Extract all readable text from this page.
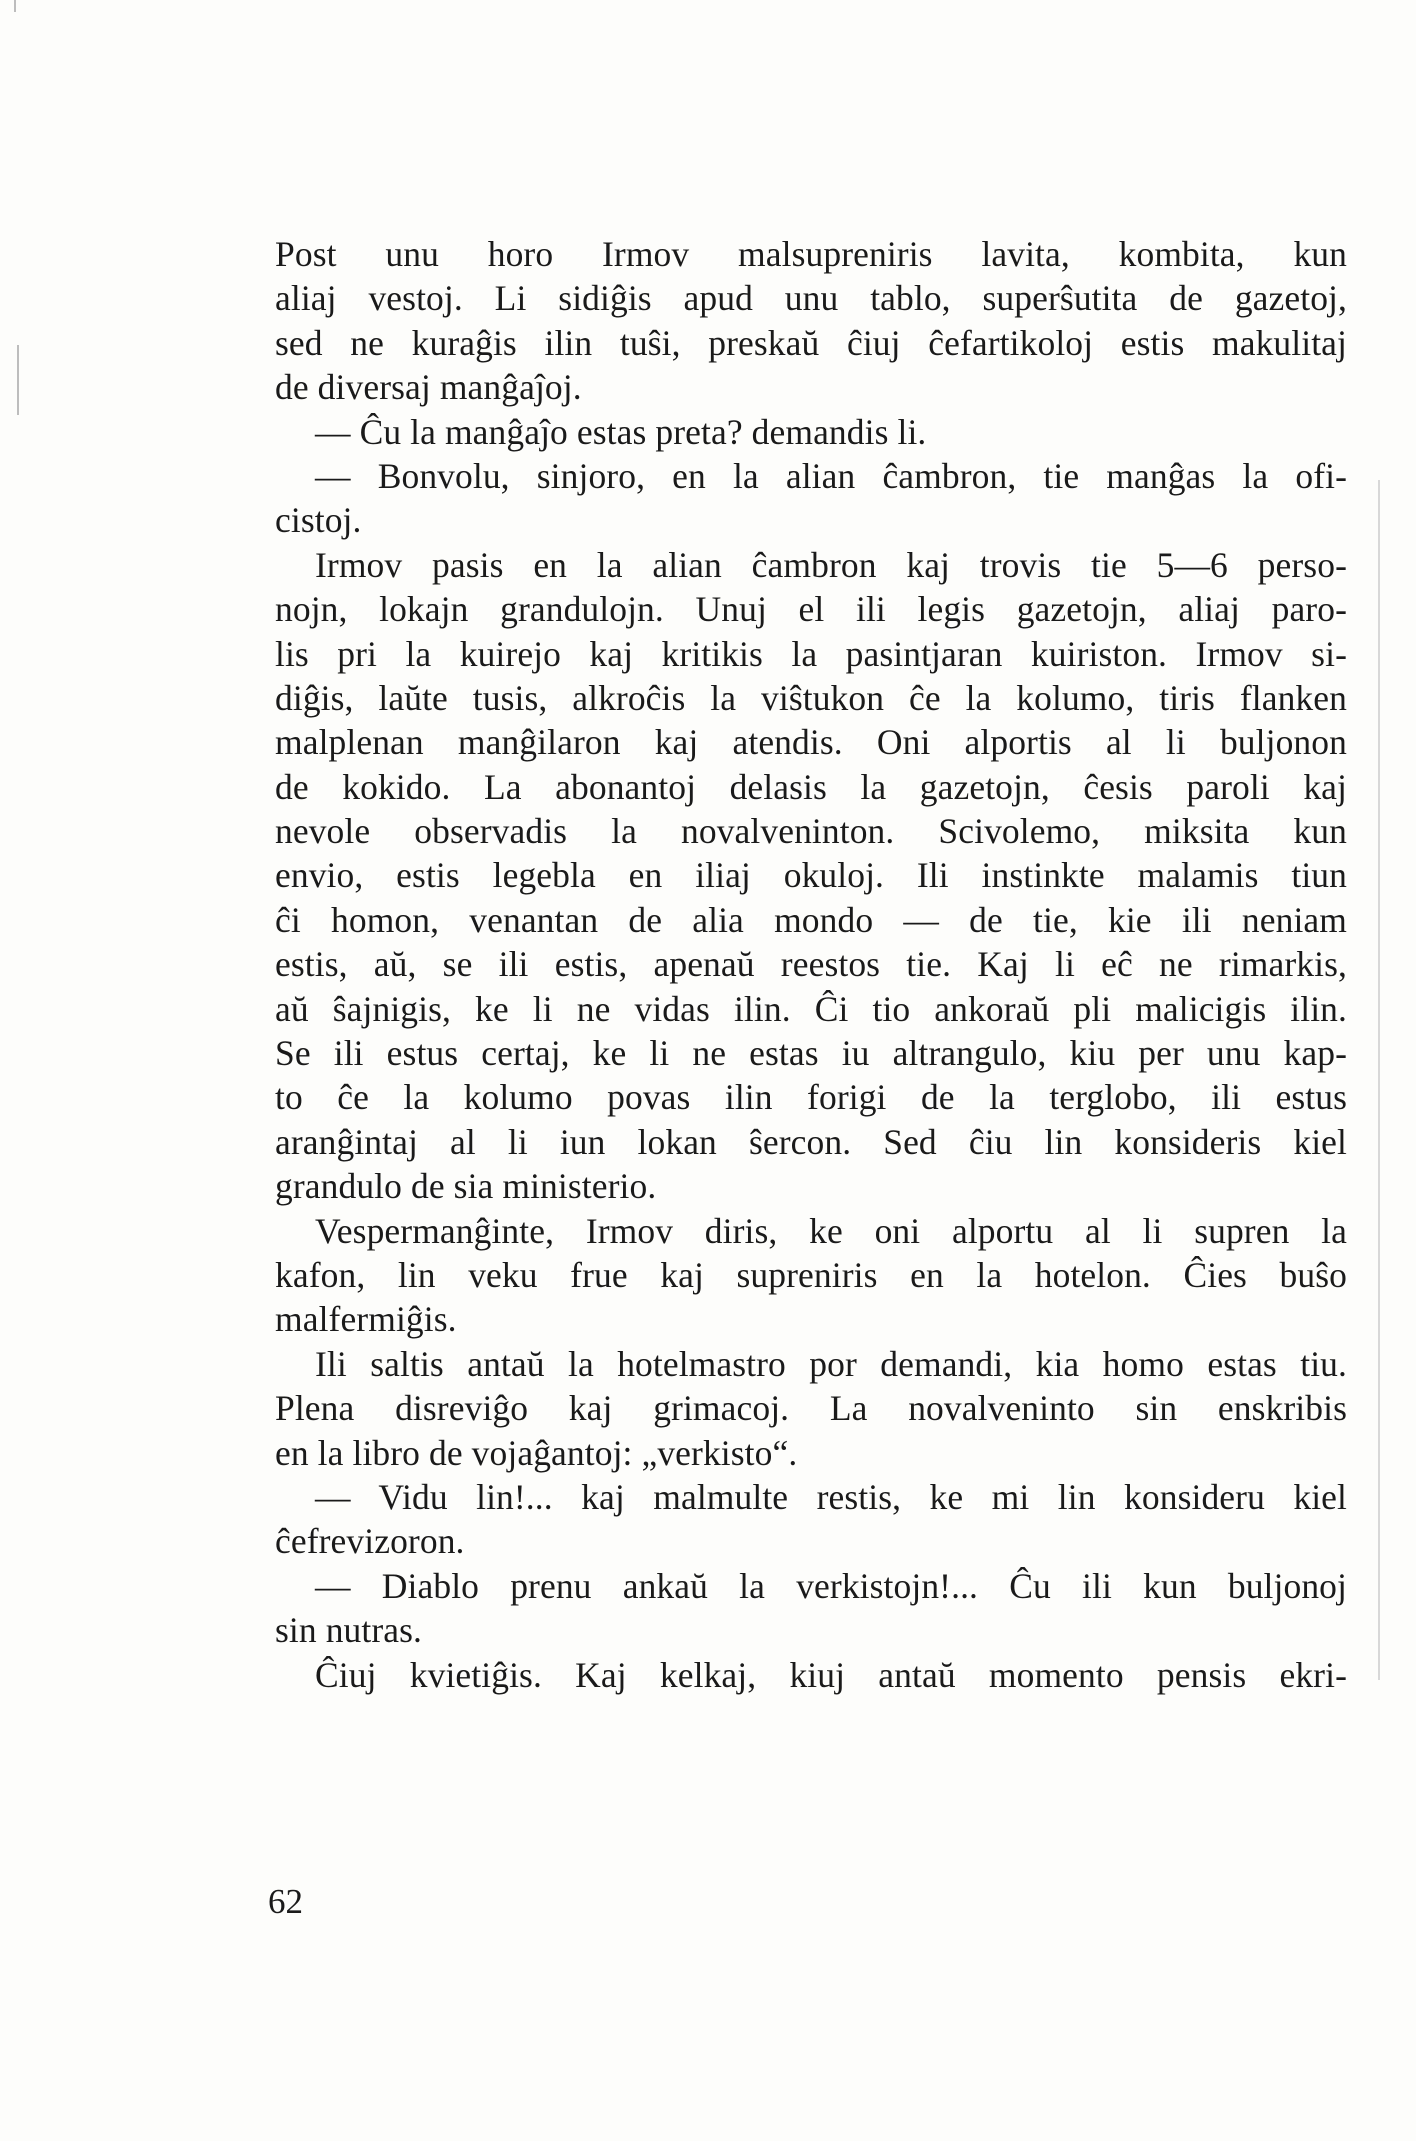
Post unu horo Irmov malsupreniris lavita, kombita, kun
aliaj vestoj. Li sidiĝis apud unu tablo, superŝutita de gazetoj,
sed ne kuraĝis ilin tuŝi, preskaŭ ĉiuj ĉefartikoloj estis makulitaj
de diversaj manĝaĵoj.
— Ĉu la manĝaĵo estas preta? demandis li.
— Bonvolu, sinjoro, en la alian ĉambron, tie manĝas la ofi-
cistoj.
Irmov pasis en la alian ĉambron kaj trovis tie 5—6 perso-
nojn, lokajn grandulojn. Unuj el ili legis gazetojn, aliaj paro-
lis pri la kuirejo kaj kritikis la pasintjaran kuiriston. Irmov si-
diĝis, laŭte tusis, alkroĉis la viŝtukon ĉe la kolumo, tiris flanken
malplenan manĝilaron kaj atendis. Oni alportis al li buljonon
de kokido. La abonantoj delasis la gazetojn, ĉesis paroli kaj
nevole observadis la novalveninton. Scivolemo, miksita kun
envio, estis legebla en iliaj okuloj. Ili instinkte malamis tiun
ĉi homon, venantan de alia mondo — de tie, kie ili neniam
estis, aŭ, se ili estis, apenaŭ reestos tie. Kaj li eĉ ne rimarkis,
aŭ ŝajnigis, ke li ne vidas ilin. Ĉi tio ankoraŭ pli malicigis ilin.
Se ili estus certaj, ke li ne estas iu altrangulo, kiu per unu kap-
to ĉe la kolumo povas ilin forigi de la terglobo, ili estus
aranĝintaj al li iun lokan ŝercon. Sed ĉiu lin konsideris kiel
grandulo de sia ministerio.
Vespermanĝinte, Irmov diris, ke oni alportu al li supren la
kafon, lin veku frue kaj supreniris en la hotelon. Ĉies buŝo
malfermiĝis.
Ili saltis antaŭ la hotelmastro por demandi, kia homo estas tiu.
Plena disreviĝo kaj grimacoj. La novalveninto sin enskribis
en la libro de vojaĝantoj: „verkisto“.
— Vidu lin!... kaj malmulte restis, ke mi lin konsideru kiel
ĉefrevizoron.
— Diablo prenu ankaŭ la verkistojn!... Ĉu ili kun buljonoj
sin nutras.
Ĉiuj kvietiĝis. Kaj kelkaj, kiuj antaŭ momento pensis ekri-
62
